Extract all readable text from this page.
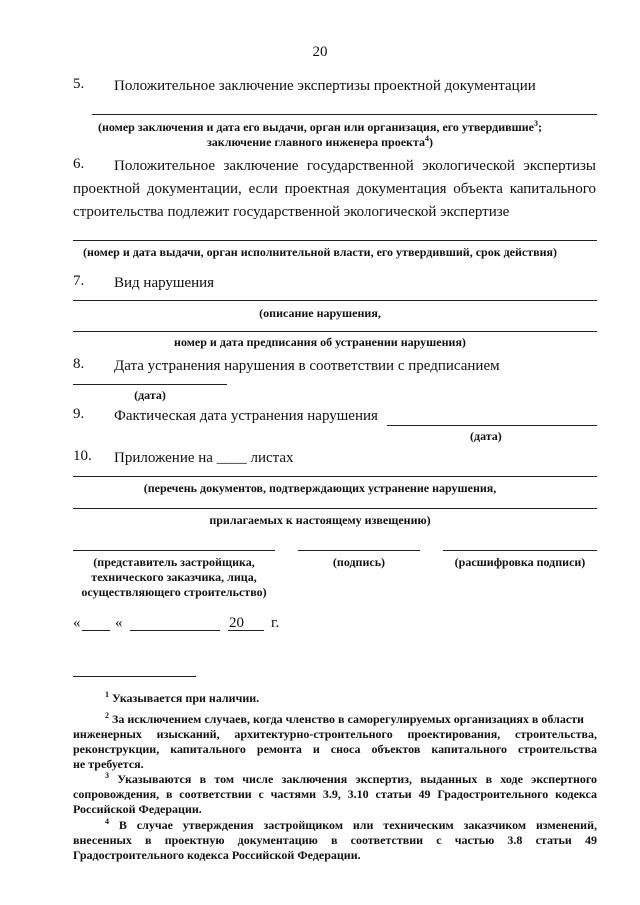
20
5. Положительное заключение экспертизы проектной документации
(номер заключения и дата его выдачи, орган или организация, его утвердившие$^3$;
заключение главного инженера проекта$^4$)
6. Положительное заключение государственной экологической экспертизы
проектной документации, если проектная документация объекта капитального
строительства подлежит государственной экологической экспертизе
(номер и дата выдачи, орган исполнительной власти, его утвердивший, срок действия)
7. Вид нарушения
(описание нарушения,
номер и дата предписания об устранении нарушения)
8. Дата устранения нарушения в соответствии с предписанием
(дата)
9. Фактическая дата устранения нарушения
(дата)
10. Приложение на ____ листах
(перечень документов, подтверждающих устранение нарушения,
прилагаемых к настоящему извещению)
(представитель застройщика,
технического заказчика, лица,
осуществляющего строительство)
(подпись)	(расшифровка подписи)
« «	20 г.
$^1$ Указывается при наличии.
$^2$ За исключением случаев, когда членство в саморегулируемых организациях в области
инженерных изысканий, архитектурно-строительного проектирования, строительства,
реконструкции, капитального ремонта и сноса объектов капитального строительства
не требуется.
$^3$ Указываются в том числе заключения экспертиз, выданных в ходе экспертного
сопровождения, в соответствии с частями 3.9, 3.10 статьи 49 Градостроительного кодекса
Российской Федерации.
$^4$ В случае утверждения застройщиком или техническим заказчиком изменений,
внесенных в проектную документацию в соответствии с частью 3.8 статьи 49
Градостроительного кодекса Российской Федерации.
